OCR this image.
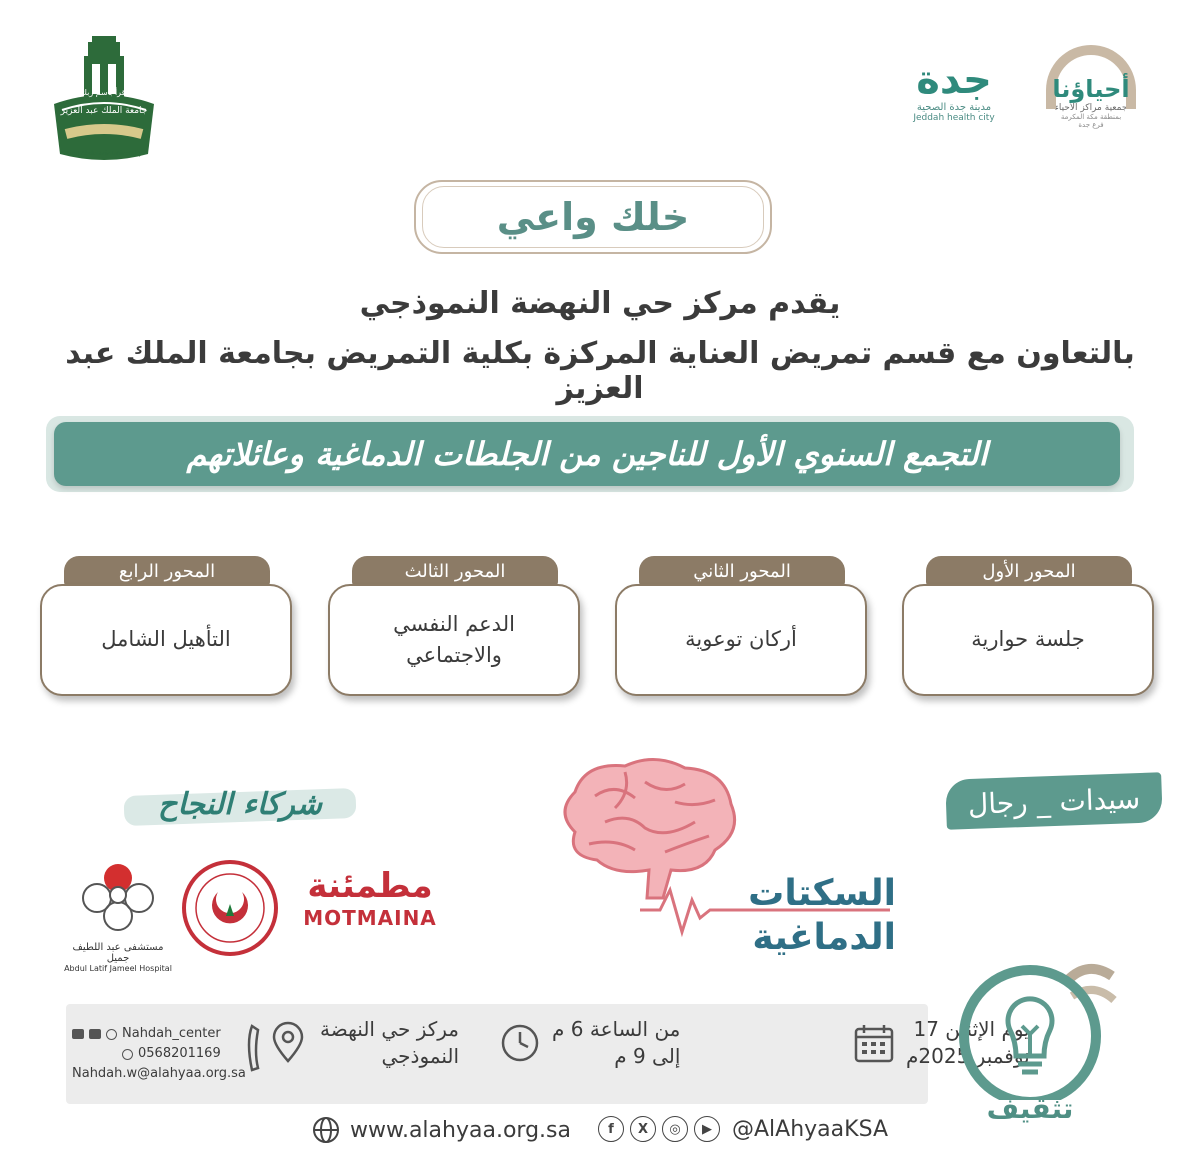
جامعة الملك عبد العزيز
اقرأ باسم ربك
King Abdulaziz University
جدة
مدينة جدة الصحية
Jeddah health city
أحياؤنا
جمعية مراكز الأحياء
بمنطقة مكة المكرمة
فرع جدة
خلك واعي
يقدم مركز حي النهضة النموذجي
بالتعاون مع قسم تمريض العناية المركزة بكلية التمريض بجامعة الملك عبد العزيز
التجمع السنوي الأول للناجين من الجلطات الدماغية وعائلاتهم
المحور الأول
جلسة حوارية
المحور الثاني
أركان توعوية
المحور الثالث
الدعم النفسي والاجتماعي
المحور الرابع
التأهيل الشامل
سيدات _ رجال
السكتات
الدماغية
شركاء النجاح
مستشفى عبد اللطيف جميل
Abdul Latif Jameel Hospital
مطمئنة
MOTMAINA
يوم الإثنين 17
نوفمبر 2025م
من الساعة 6 م
إلى 9 م
مركز حي النهضة
النموذجي
Nahdah_center
0568201169
Nahdah.w@alahyaa.org.sa
www.alahyaa.org.sa	f	X	◎	▶ @AlAhyaaKSA
تثقيف
